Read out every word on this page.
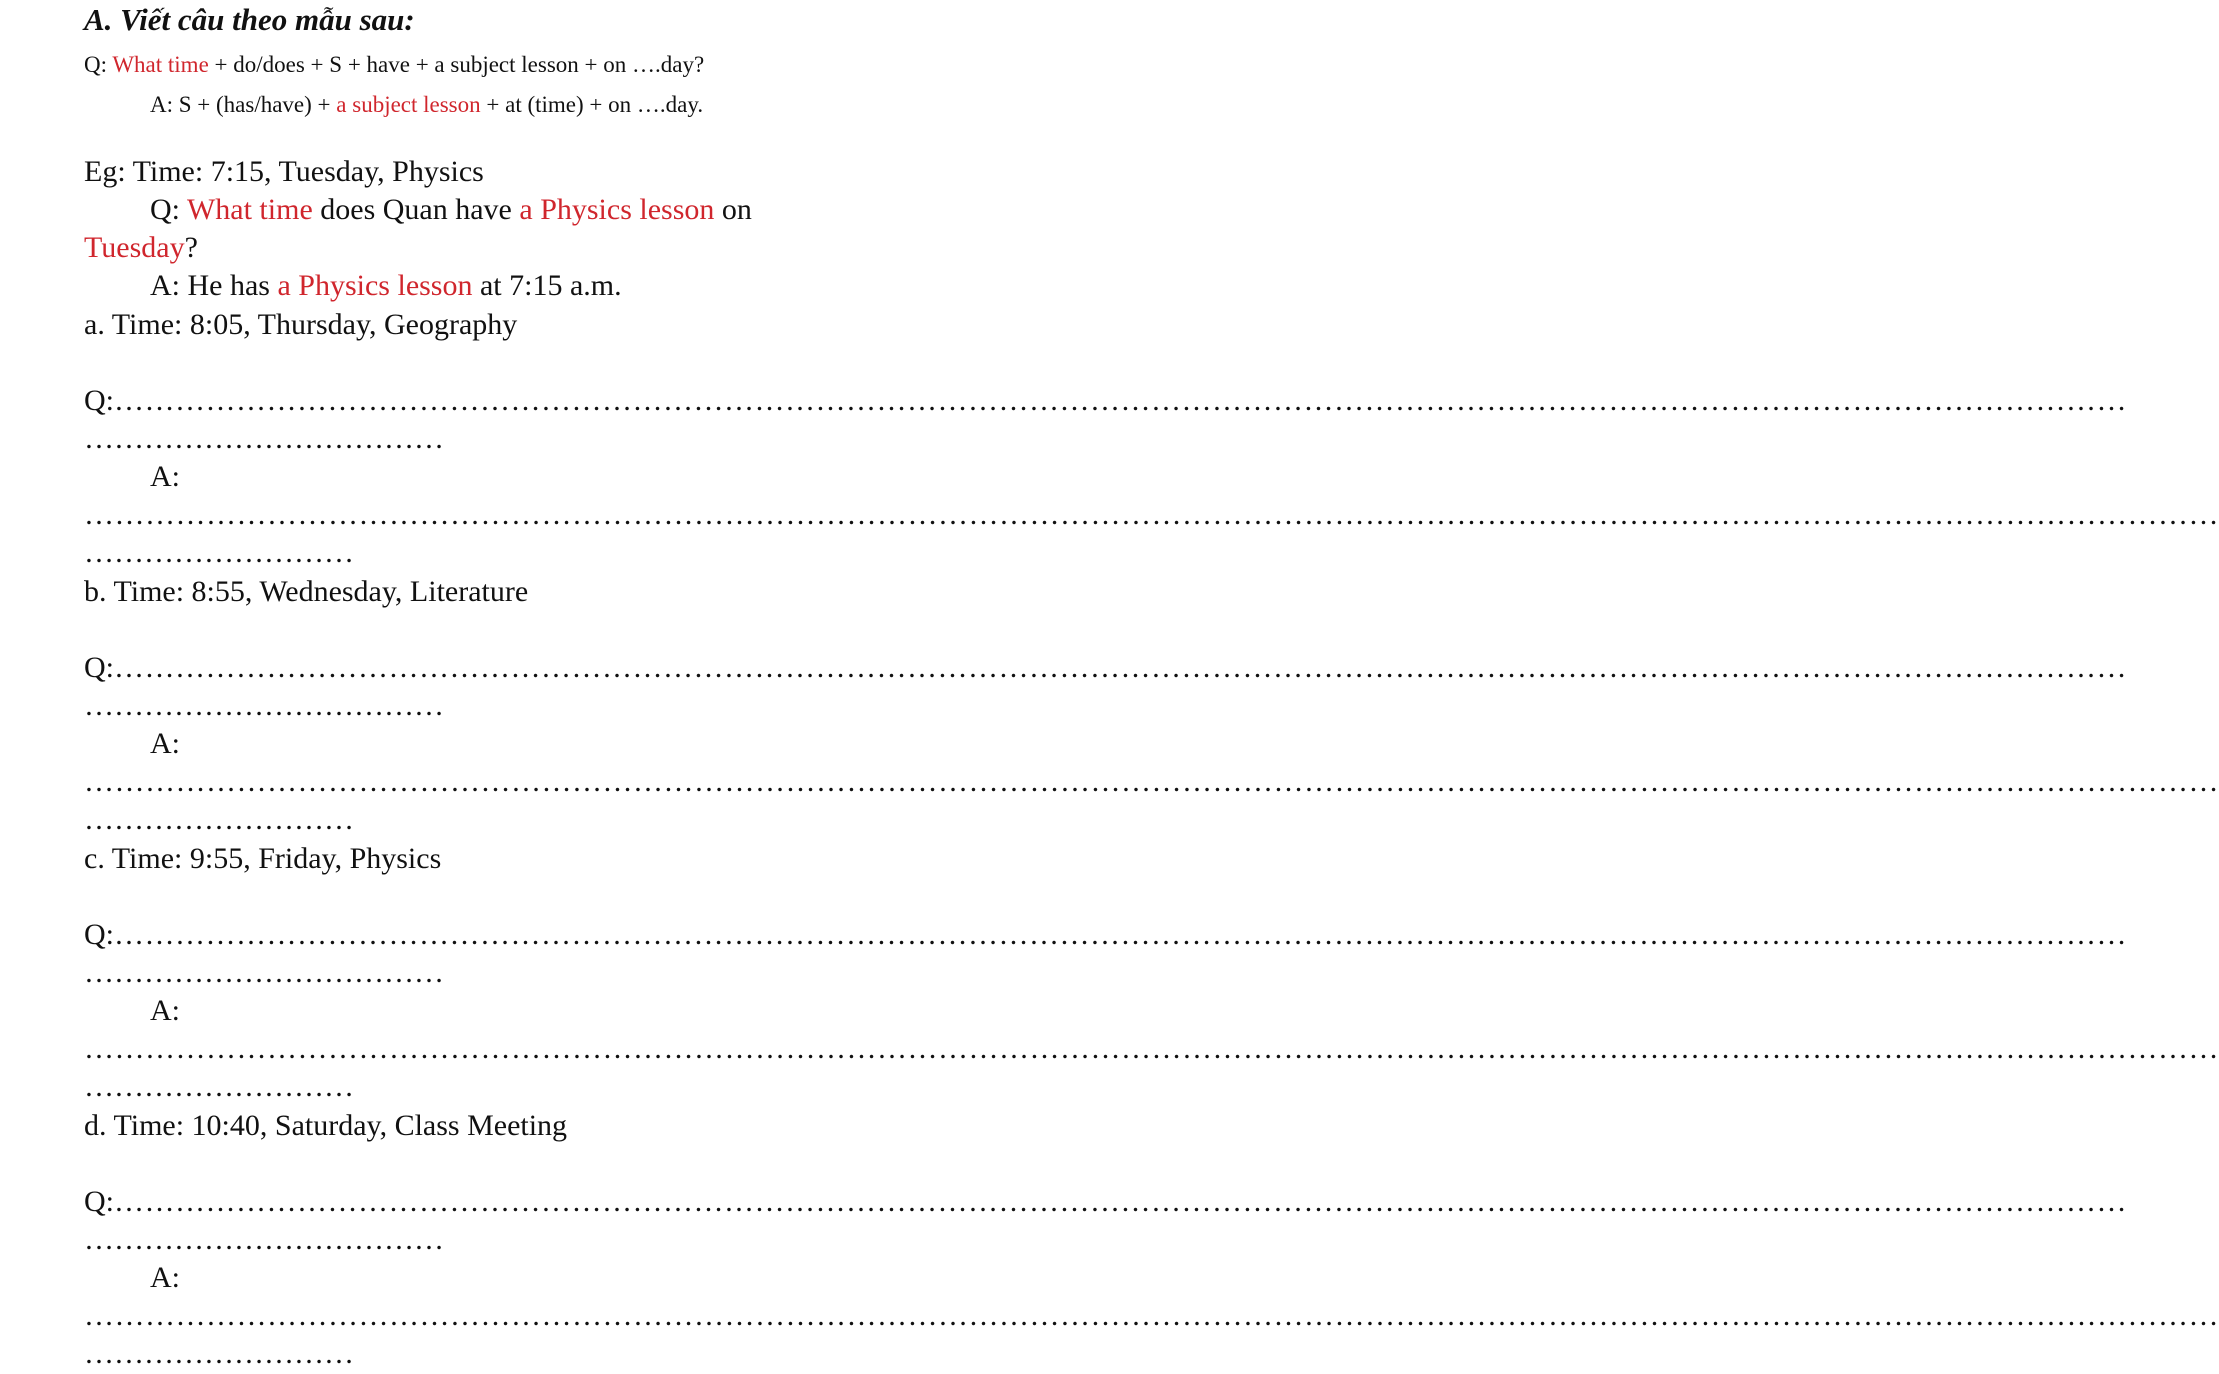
A. Viết câu theo mẫu sau:
Q: What time + do/does + S + have + a subject lesson + on ….day?
A: S + (has/have) + a subject lesson + at (time) + on ….day.
Eg: Time: 7:15, Tuesday, Physics
Q: What time does Quan have a Physics lesson on
Tuesday?
A: He has a Physics lesson at 7:15 a.m.
a. Time: 8:05, Thursday, Geography
Q:………………………………………………………………………………………………………………………………………………………………………………
………………………………
A:
…………………………………………………………………………………………………………………………………………………………………………………………
………………………
b. Time: 8:55, Wednesday, Literature
Q:………………………………………………………………………………………………………………………………………………………………………………
………………………………
A:
…………………………………………………………………………………………………………………………………………………………………………………………
………………………
c. Time: 9:55, Friday, Physics
Q:………………………………………………………………………………………………………………………………………………………………………………
………………………………
A:
…………………………………………………………………………………………………………………………………………………………………………………………
………………………
d. Time: 10:40, Saturday, Class Meeting
Q:………………………………………………………………………………………………………………………………………………………………………………
………………………………
A:
…………………………………………………………………………………………………………………………………………………………………………………………
………………………
